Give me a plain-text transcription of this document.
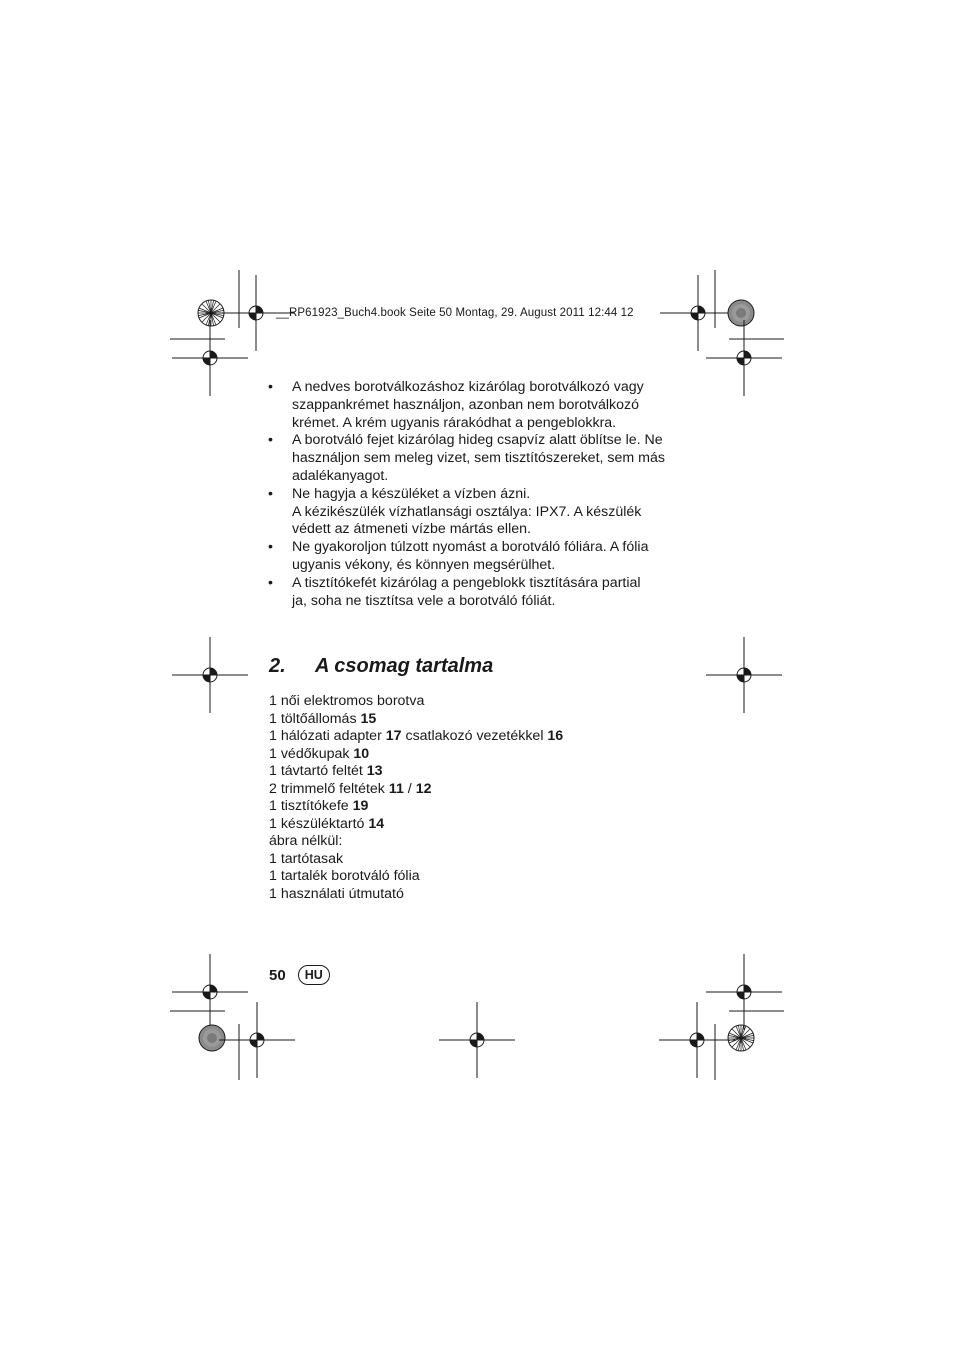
__RP61923_Buch4.book Seite 50 Montag, 29. August 2011 12:44 12
• A nedves borotválkozáshoz kizárólag borotválkozó vagy
szappankrémet használjon, azonban nem borotválkozó
krémet. A krém ugyanis rárakódhat a pengeblokkra.
• A borotváló fejet kizárólag hideg csapvíz alatt öblítse le. Ne
használjon sem meleg vizet, sem tisztítószereket, sem más
adalékanyagot.
• Ne hagyja a készüléket a vízben ázni.
A kézikészülék vízhatlansági osztálya: IPX7. A készülék
védett az átmeneti vízbe mártás ellen.
• Ne gyakoroljon túlzott nyomást a borotváló fóliára. A fólia
ugyanis vékony, és könnyen megsérülhet.
• A tisztítókefét kizárólag a pengeblokk tisztítására partial
ja, soha ne tisztítsa vele a borotváló fóliát.
2. A csomag tartalma
1 női elektromos borotva
1 töltőállomás 15
1 hálózati adapter 17 csatlakozó vezetékkel 16
1 védőkupak 10
1 távtartó feltét 13
2 trimmelő feltétek 11 / 12
1 tisztítókefe 19
1 készüléktartó 14
ábra nélkül:
1 tartótasak
1 tartalék borotváló fólia
1 használati útmutató
50	HU
